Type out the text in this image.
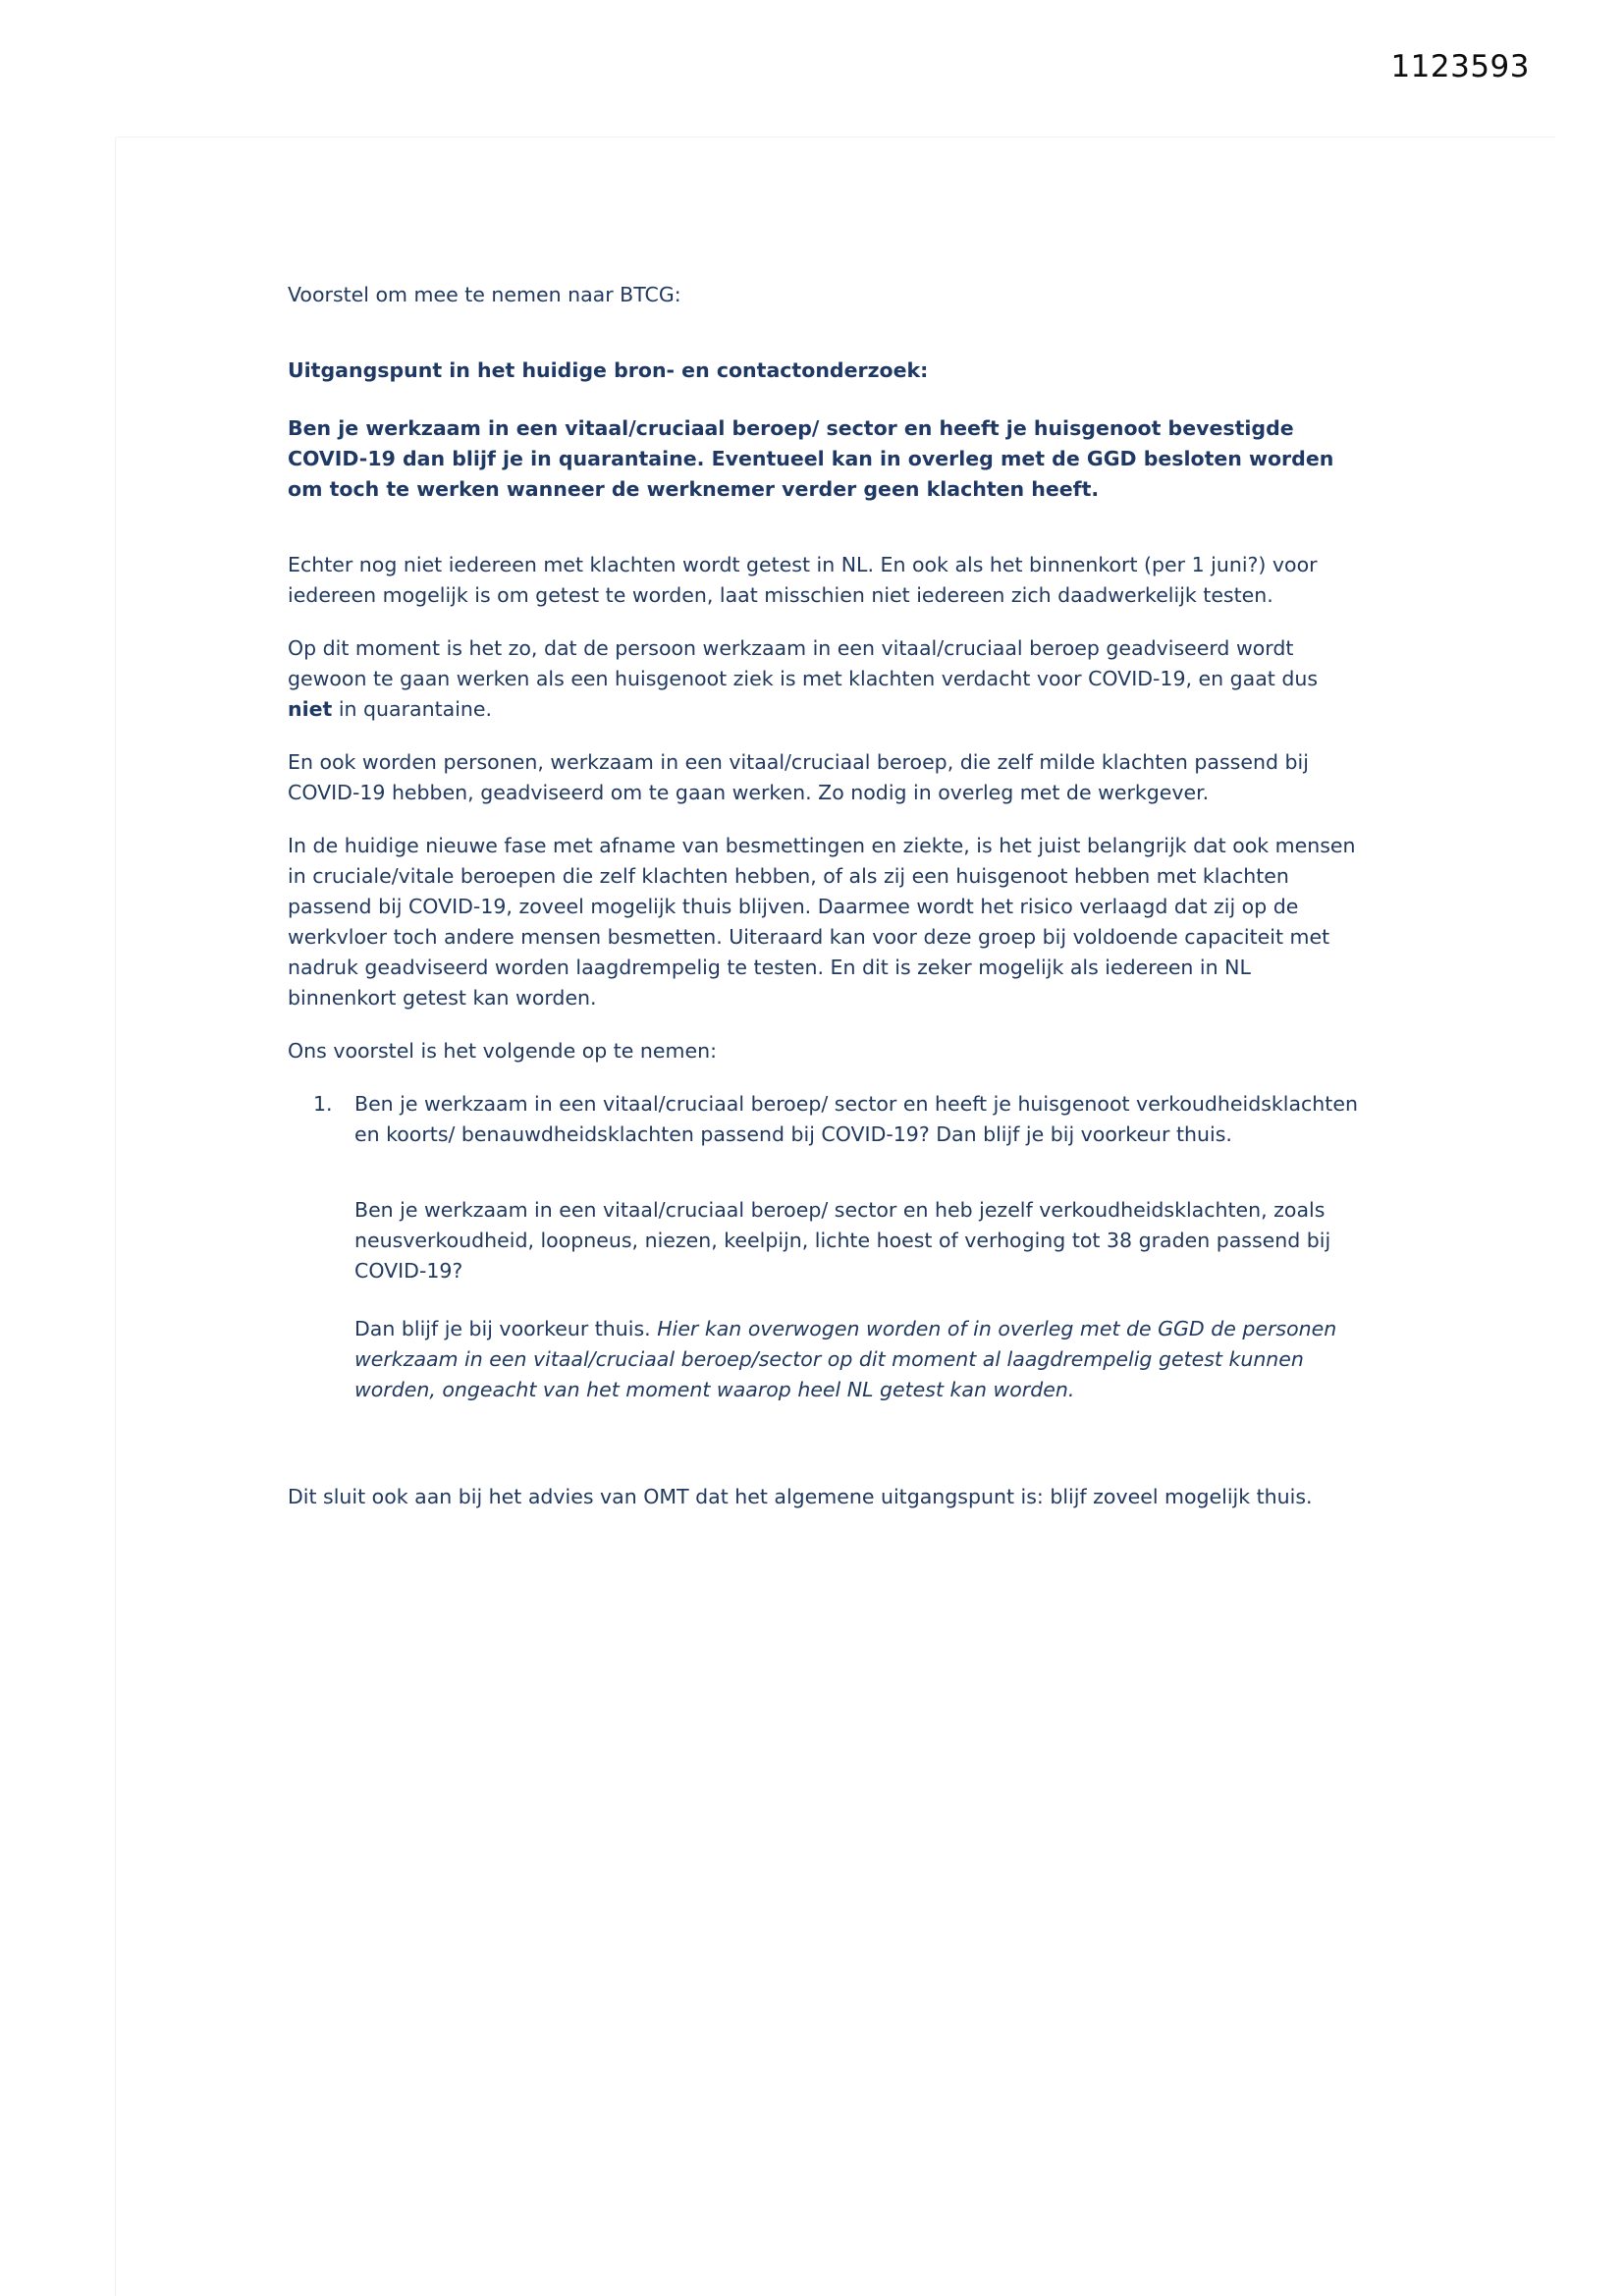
1123593

Voorstel om mee te nemen naar BTCG:

Uitgangspunt in het huidige bron- en contactonderzoek:

Ben je werkzaam in een vitaal/cruciaal beroep/ sector en heeft je huisgenoot bevestigde COVID-19 dan blijf je in quarantaine. Eventueel kan in overleg met de GGD besloten worden om toch te werken wanneer de werknemer verder geen klachten heeft.

Echter nog niet iedereen met klachten wordt getest in NL. En ook als het binnenkort (per 1 juni?) voor iedereen mogelijk is om getest te worden, laat misschien niet iedereen zich daadwerkelijk testen.

Op dit moment is het zo, dat de persoon werkzaam in een vitaal/cruciaal beroep geadviseerd wordt gewoon te gaan werken als een huisgenoot ziek is met klachten verdacht voor COVID-19, en gaat dus niet in quarantaine.

En ook worden personen, werkzaam in een vitaal/cruciaal beroep, die zelf milde klachten passend bij COVID-19 hebben, geadviseerd om te gaan werken. Zo nodig in overleg met de werkgever.

In de huidige nieuwe fase met afname van besmettingen en ziekte, is het juist belangrijk dat ook mensen in cruciale/vitale beroepen die zelf klachten hebben, of als zij een huisgenoot hebben met klachten passend bij COVID-19, zoveel mogelijk thuis blijven. Daarmee wordt het risico verlaagd dat zij op de werkvloer toch andere mensen besmetten. Uiteraard kan voor deze groep bij voldoende capaciteit met nadruk geadviseerd worden laagdrempelig te testen. En dit is zeker mogelijk als iedereen in NL binnenkort getest kan worden.

Ons voorstel is het volgende op te nemen:

1.	Ben je werkzaam in een vitaal/cruciaal beroep/ sector en heeft je huisgenoot verkoudheidsklachten en koorts/ benauwdheidsklachten passend bij COVID-19? Dan blijf je bij voorkeur thuis.

Ben je werkzaam in een vitaal/cruciaal beroep/ sector en heb jezelf verkoudheidsklachten, zoals neusverkoudheid, loopneus, niezen, keelpijn, lichte hoest of verhoging tot 38 graden passend bij COVID-19?

Dan blijf je bij voorkeur thuis. Hier kan overwogen worden of in overleg met de GGD de personen werkzaam in een vitaal/cruciaal beroep/sector op dit moment al laagdrempelig getest kunnen worden, ongeacht van het moment waarop heel NL getest kan worden.

Dit sluit ook aan bij het advies van OMT dat het algemene uitgangspunt is: blijf zoveel mogelijk thuis.
